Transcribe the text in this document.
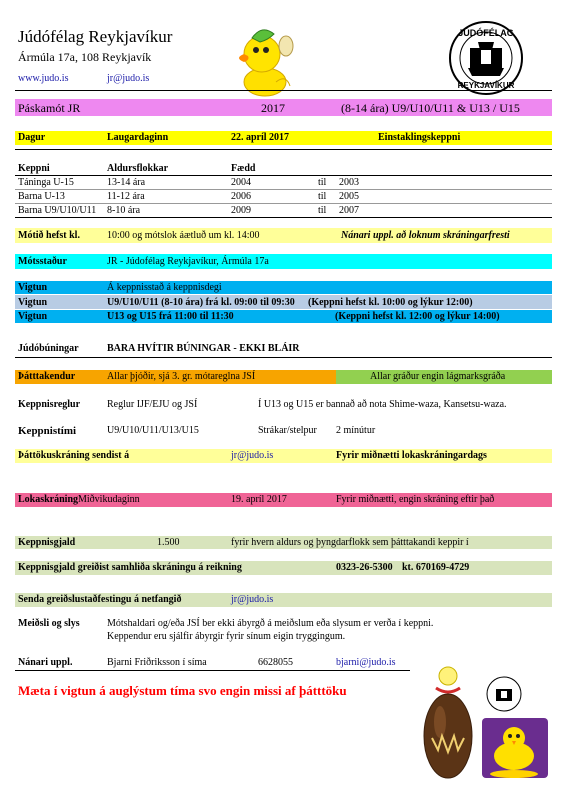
Júdófélag Reykjavíkur
Ármúla 17a, 108 Reykjavík
www.judo.is	jr@judo.is
JÚDÓFÉLAG
REYKJAVÍKUR
Páskamót JR	2017	(8-14 ára) U9/U10/U11 & U13 / U15
Dagur	Laugardaginn	22. apríl 2017	Einstaklingskeppni
Keppni	Aldursflokkar	Fædd
Táninga U-15	13-14 ára	2004	til 2003
Barna U-13	11-12 ára	2006	til 2005
Barna U9/U10/U11 8-10 ára	2009	til 2007
Mótið hefst kl.	10:00 og mótslok áætluð um kl. 14:00	Nánari uppl. að loknum skráningarfresti
Mótsstaður	JR - Júdofélag Reykjavíkur, Ármúla 17a
Vigtun	Á keppnisstað á keppnisdegi
Vigtun	U9/U10/U11 (8-10 ára) frá kl. 09:00 til 09:30 (Keppni hefst kl. 10:00 og lýkur 12:00)
Vigtun	U13 og U15 frá 11:00 til 11:30	(Keppni hefst kl. 12:00 og lýkur 14:00)
Júdóbúningar	BARA HVÍTIR BÚNINGAR - EKKI BLÁIR
Þátttakendur	Allar þjóðir, sjá 3. gr. mótareglna JSÍ	Allar gráður engin lágmarksgráða
Keppnisreglur	Reglur IJF/EJU og JSÍ	Í U13 og U15 er bannað að nota Shime-waza, Kansetsu-waza.
Keppnistími	U9/U10/U11/U13/U15	Strákar/stelpur 2 mínútur
Þáttökuskráning sendist á	jr@judo.is	Fyrir miðnætti lokaskráningardags
Lokaskráning Miðvikudaginn	19. apríl 2017	Fyrir miðnætti, engin skráning eftir það
Keppnisgjald	1.500	fyrir hvern aldurs og þyngdarflokk sem þátttakandi keppir í
Keppnisgjald greiðist samhliða skráningu á reikning	0323-26-5300 kt. 670169-4729
Senda greiðslustaðfestingu á netfangið	jr@judo.is
Meiðsli og slys	Mótshaldari og/eða JSÍ ber ekki ábyrgð á meiðslum eða slysum er verða í keppni.
Keppendur eru sjálfir ábyrgir fyrir sínum eigin tryggingum.
Nánari uppl.	Bjarni Friðriksson í síma	6628055	bjarni@judo.is
Mæta í vigtun á auglýstum tíma svo engin missi af þátttöku
